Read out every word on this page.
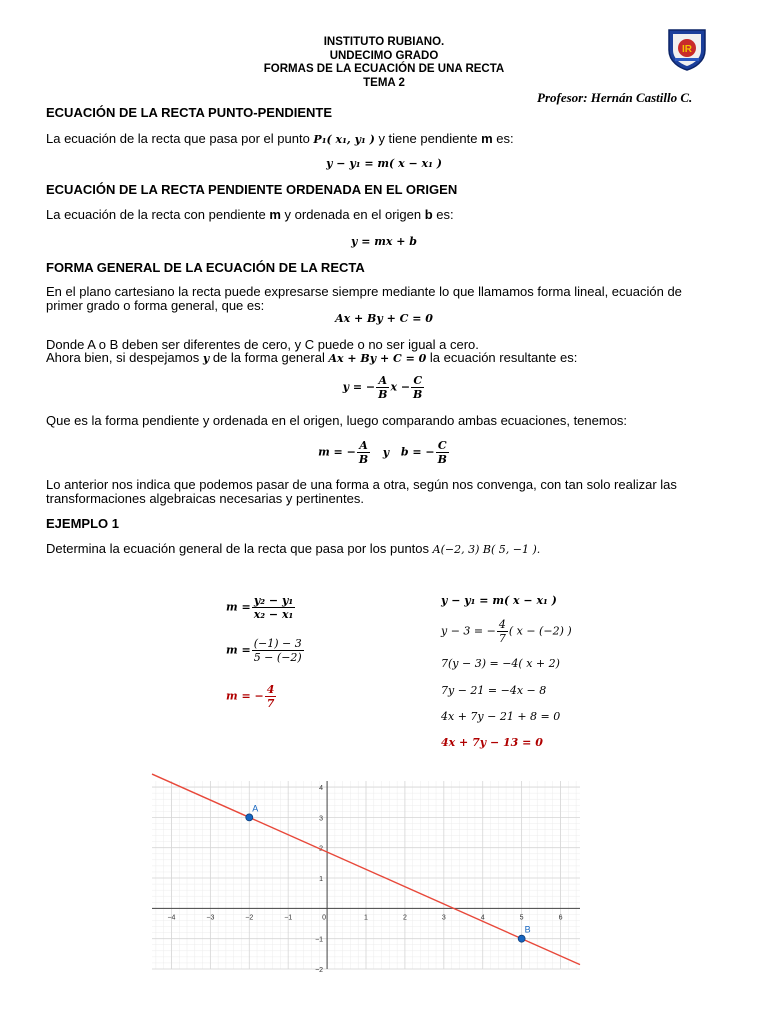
INSTITUTO RUBIANO.
UNDECIMO GRADO
FORMAS DE LA ECUACIÓN DE UNA RECTA
TEMA 2
IR
Profesor: Hernán Castillo C.
ECUACIÓN DE LA RECTA PUNTO-PENDIENTE
La ecuación de la recta que pasa por el punto P₁( x₁, y₁ ) y tiene pendiente m es:
y − y₁ = m( x − x₁ )
ECUACIÓN DE LA RECTA PENDIENTE ORDENADA EN EL ORIGEN
La ecuación de la recta con pendiente m y ordenada en el origen b es:
y = mx + b
FORMA GENERAL DE LA ECUACIÓN DE LA RECTA
En el plano cartesiano la recta puede expresarse siempre mediante lo que llamamos forma lineal, ecuación de
primer grado o forma general, que es:
Ax + By + C = 0
Donde A o B deben ser diferentes de cero, y C puede o no ser igual a cero.
Ahora bien, si despejamos y de la forma general Ax + By + C = 0 la ecuación resultante es:
y = − $\frac{A}{B}$ $x - \frac{C}{B}$
Que es la forma pendiente y ordenada en el origen, luego comparando ambas ecuaciones, tenemos:
m = − $\frac{A}{B}$ y b = − $\frac{C}{B}$
Lo anterior nos indica que podemos pasar de una forma a otra, según nos convenga, con tan solo realizar las
transformaciones algebraicas necesarias y pertinentes.
EJEMPLO 1
Determina la ecuación general de la recta que pasa por los puntos A(−2, 3) B( 5, −1 ).
$m = \frac{\text{y₂ − y₁}}{\text{x₂ − x₁}}$
$m = \frac{(-1) - 3}{5 - (-2)}$
m = − $\frac{4}{7}$
y − y₁ = m( x − x₁ )
y − 3 = − $\frac{4}{7}$ ( x − (−2) )
7(y − 3) = −4( x + 2)
7y − 21 = −4x − 8
4x + 7y − 21 + 8 = 0
4x + 7y − 13 = 0
−4	−3	−2	−1	0	1	2	3	4	5	6
−2
−1
1
3
4
A
B
